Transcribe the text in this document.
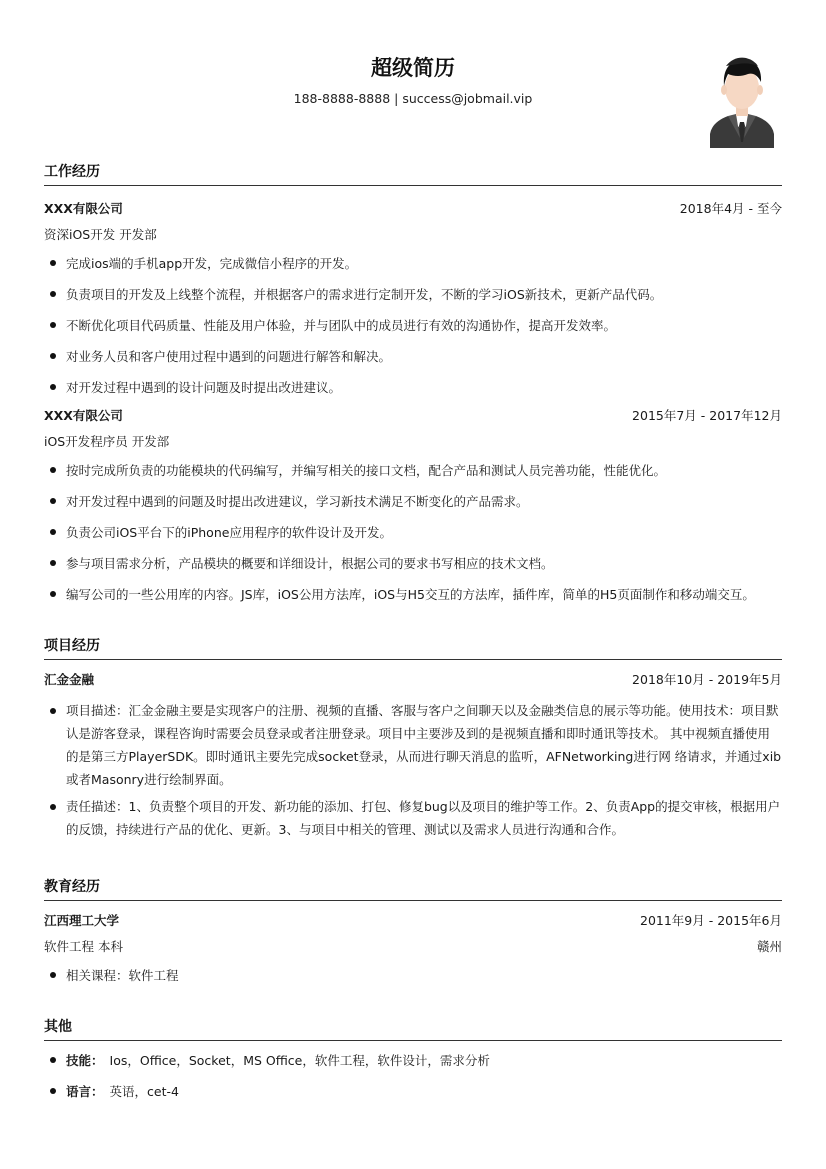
超级简历
188-8888-8888 | success@jobmail.vip
工作经历
XXX有限公司	2018年4月 - 至今
资深iOS开发 开发部
完成ios端的手机app开发，完成微信小程序的开发。
负责项目的开发及上线整个流程，并根据客户的需求进行定制开发，不断的学习iOS新技术，更新产品代码。
不断优化项目代码质量、性能及用户体验，并与团队中的成员进行有效的沟通协作，提高开发效率。
对业务人员和客户使用过程中遇到的问题进行解答和解决。
对开发过程中遇到的设计问题及时提出改进建议。
XXX有限公司	2015年7月 - 2017年12月
iOS开发程序员 开发部
按时完成所负责的功能模块的代码编写，并编写相关的接口文档，配合产品和测试人员完善功能，性能优化。
对开发过程中遇到的问题及时提出改进建议，学习新技术满足不断变化的产品需求。
负责公司iOS平台下的iPhone应用程序的软件设计及开发。
参与项目需求分析，产品模块的概要和详细设计，根据公司的要求书写相应的技术文档。
编写公司的一些公用库的内容。JS库，iOS公用方法库，iOS与H5交互的方法库，插件库，简单的H5页面制作和移动端交互。
项目经历
汇金金融	2018年10月 - 2019年5月
项目描述：汇金金融主要是实现客户的注册、视频的直播、客服与客户之间聊天以及金融类信息的展示等功能。使用技术：项目默认是游客登录，课程咨询时需要会员登录或者注册登录。项目中主要涉及到的是视频直播和即时通讯等技术。 其中视频直播使用的是第三方PlayerSDK。即时通讯主要先完成socket登录，从而进行聊天消息的监听，AFNetworking进行网 络请求，并通过xib或者Masonry进行绘制界面。
责任描述：1、负责整个项目的开发、新功能的添加、打包、修复bug以及项目的维护等工作。2、负责App的提交审核，根据用户的反馈，持续进行产品的优化、更新。3、与项目中相关的管理、测试以及需求人员进行沟通和合作。
教育经历
江西理工大学	2011年9月 - 2015年6月
软件工程 本科	赣州
相关课程：软件工程
其他
技能： Ios，Office，Socket，MS Office，软件工程，软件设计，需求分析
语言： 英语，cet-4
